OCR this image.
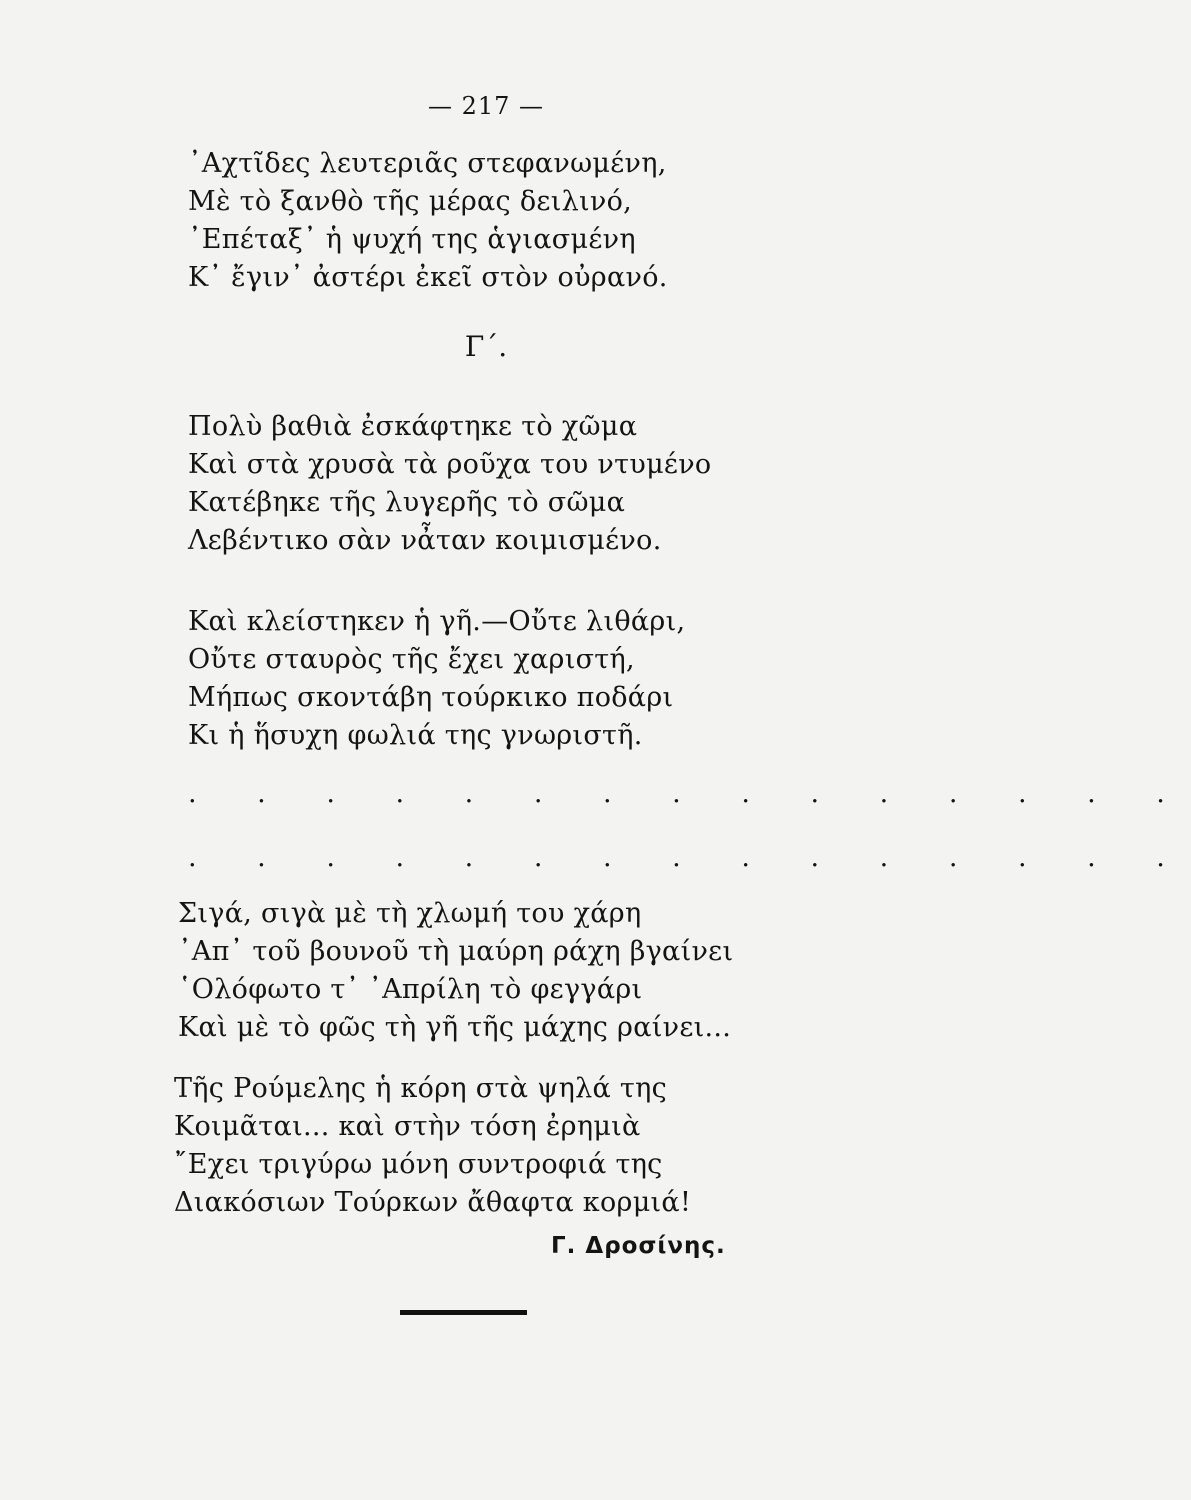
— 217 —
᾿Αχτῖδες λευτεριᾶς στεφανωμένη,
Μὲ τὸ ξανθὸ τῆς μέρας δειλινό,
᾿Επέταξ᾿ ἡ ψυχή της ἁγιασμένη
Κ᾿ ἔγιν᾿ ἀστέρι ἐκεῖ στὸν οὐρανό.
Γ΄.
Πολὺ βαθιὰ ἐσκάφτηκε τὸ χῶμα
Καὶ στὰ χρυσὰ τὰ ροῦχα του ντυμένο
Κατέβηκε τῆς λυγερῆς τὸ σῶμα
Λεβέντικο σὰν νἆταν κοιμισμένο.
Καὶ κλείστηκεν ἡ γῆ.—Οὔτε λιθάρι,
Οὔτε σταυρὸς τῆς ἔχει χαριστή,
Μήπως σκοντάβη τούρκικο ποδάρι
Κι ἡ ἥσυχη φωλιά της γνωριστῆ.
. . . . . . . . . . . . . . .
. . . . . . . . . . . . . . .
Σιγά, σιγὰ μὲ τὴ χλωμή του χάρη
᾿Απ᾿ τοῦ βουνοῦ τὴ μαύρη ράχη βγαίνει
῾Ολόφωτο τ᾿ ᾿Απρίλη τὸ φεγγάρι
Καὶ μὲ τὸ φῶς τὴ γῆ τῆς μάχης ραίνει...
Τῆς Ρούμελης ἡ κόρη στὰ ψηλά της
Κοιμᾶται... καὶ στὴν τόση ἐρημιὰ
῎Εχει τριγύρω μόνη συντροφιά της
Διακόσιων Τούρκων ἄθαφτα κορμιά!
Γ. Δροσίνης.
